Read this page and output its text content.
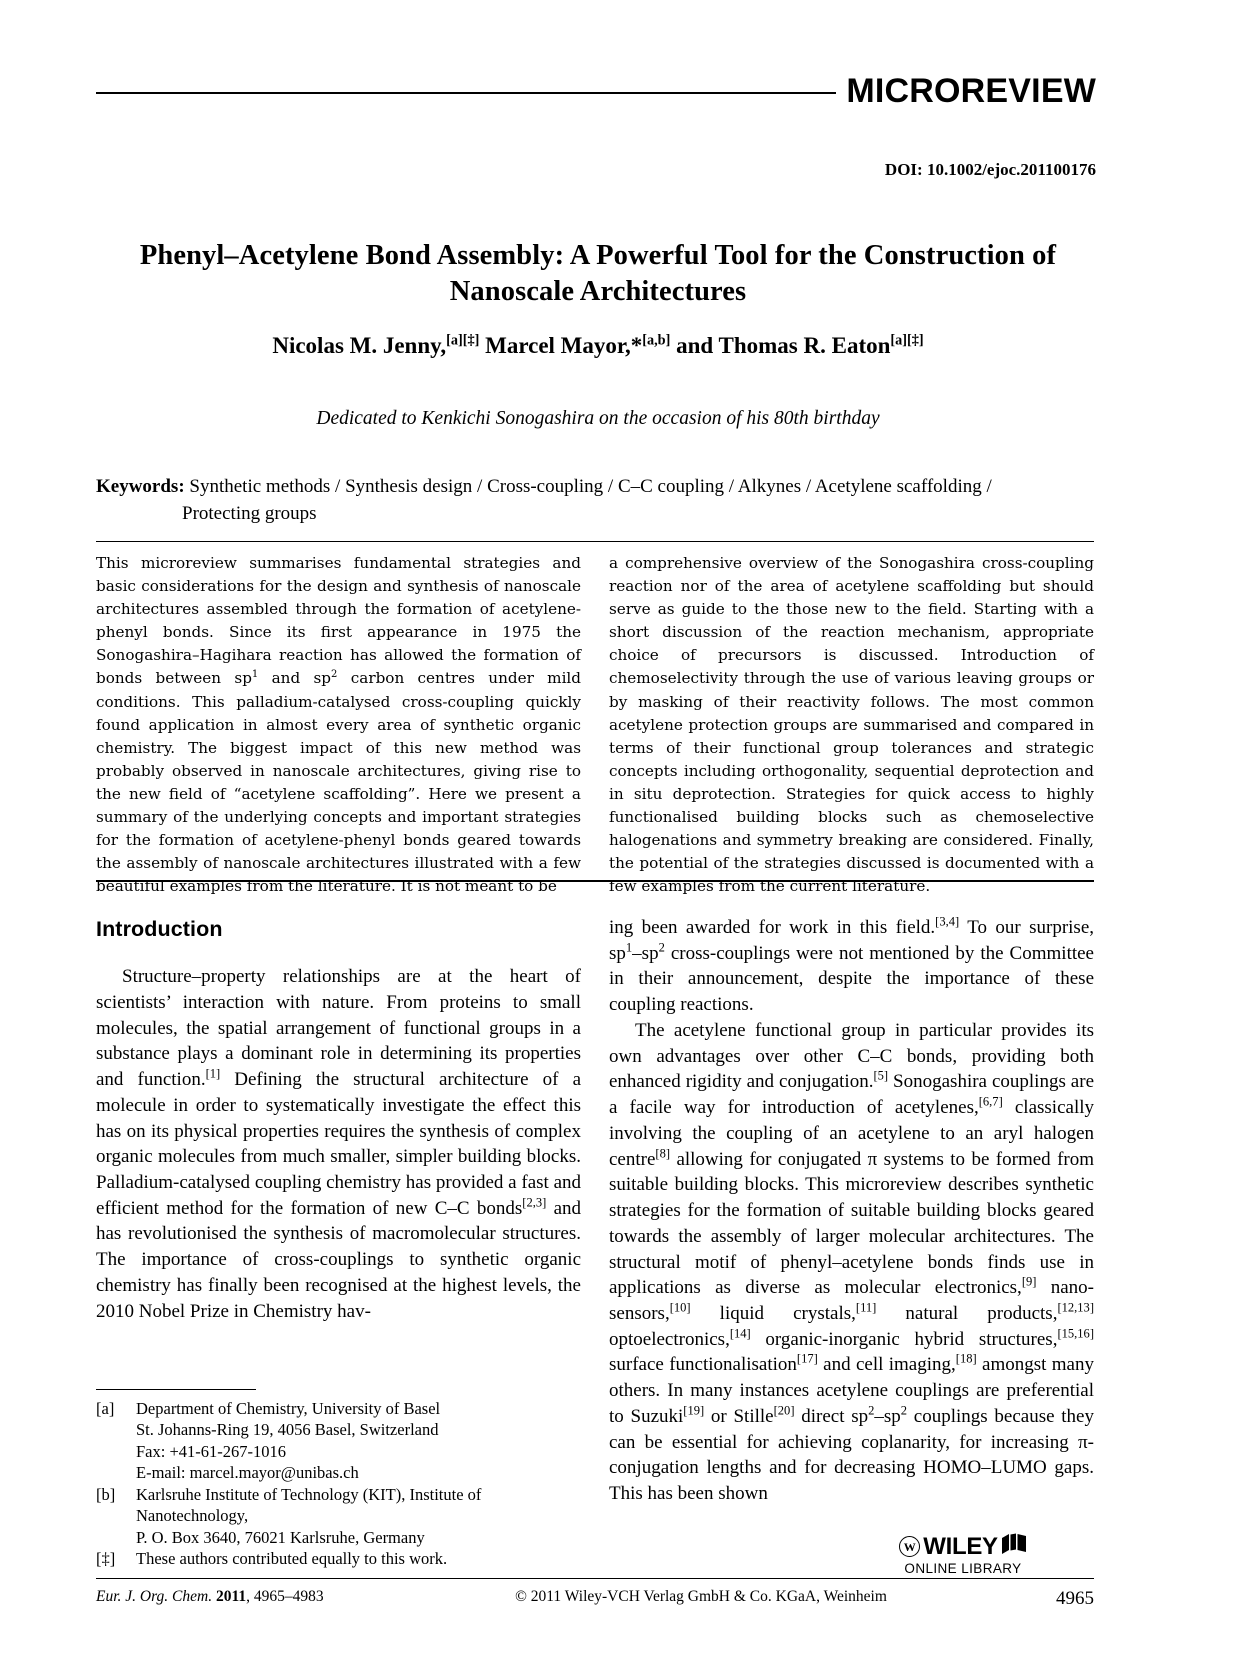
MICROREVIEW
DOI: 10.1002/ejoc.201100176
Phenyl–Acetylene Bond Assembly: A Powerful Tool for the Construction of Nanoscale Architectures
Nicolas M. Jenny,[a][‡] Marcel Mayor,*[a,b] and Thomas R. Eaton[a][‡]
Dedicated to Kenkichi Sonogashira on the occasion of his 80th birthday
Keywords: Synthetic methods / Synthesis design / Cross-coupling / C–C coupling / Alkynes / Acetylene scaffolding /
Protecting groups
This microreview summarises fundamental strategies and basic considerations for the design and synthesis of nanoscale architectures assembled through the formation of acetylene-phenyl bonds. Since its first appearance in 1975 the Sonogashira–Hagihara reaction has allowed the formation of bonds between $sp^1$ and $sp^2$ carbon centres under mild conditions. This palladium-catalysed cross-coupling quickly found application in almost every area of synthetic organic chemistry. The biggest impact of this new method was probably observed in nanoscale architectures, giving rise to the new field of “acetylene scaffolding”. Here we present a summary of the underlying concepts and important strategies for the formation of acetylene-phenyl bonds geared towards the assembly of nanoscale architectures illustrated with a few beautiful examples from the literature. It is not meant to be
a comprehensive overview of the Sonogashira cross-coupling reaction nor of the area of acetylene scaffolding but should serve as guide to the those new to the field. Starting with a short discussion of the reaction mechanism, appropriate choice of precursors is discussed. Introduction of chemoselectivity through the use of various leaving groups or by masking of their reactivity follows. The most common acetylene protection groups are summarised and compared in terms of their functional group tolerances and strategic concepts including orthogonality, sequential deprotection and in situ deprotection. Strategies for quick access to highly functionalised building blocks such as chemoselective halogenations and symmetry breaking are considered. Finally, the potential of the strategies discussed is documented with a few examples from the current literature.
Introduction

Structure–property relationships are at the heart of scientists’ interaction with nature. From proteins to small molecules, the spatial arrangement of functional groups in a substance plays a dominant role in determining its properties and function.[1] Defining the structural architecture of a molecule in order to systematically investigate the effect this has on its physical properties requires the synthesis of complex organic molecules from much smaller, simpler building blocks. Palladium-catalysed coupling chemistry has provided a fast and efficient method for the formation of new C–C bonds[2,3] and has revolutionised the synthesis of macromolecular structures. The importance of cross-couplings to synthetic organic chemistry has finally been recognised at the highest levels, the 2010 Nobel Prize in Chemistry hav-

ing been awarded for work in this field.[3,4] To our surprise, $sp^1-sp^2$ cross-couplings were not mentioned by the Committee in their announcement, despite the importance of these coupling reactions.

The acetylene functional group in particular provides its own advantages over other C–C bonds, providing both enhanced rigidity and conjugation.[5] Sonogashira couplings are a facile way for introduction of acetylenes,[6,7] classically involving the coupling of an acetylene to an aryl halogen centre[8] allowing for conjugated π systems to be formed from suitable building blocks. This microreview describes synthetic strategies for the formation of suitable building blocks geared towards the assembly of larger molecular architectures. The structural motif of phenyl–acetylene bonds finds use in applications as diverse as molecular electronics,[9] nano-sensors,[10] liquid crystals,[11] natural products,[12,13] optoelectronics,[14] organic-inorganic hybrid structures,[15,16] surface functionalisation[17] and cell imaging,[18] amongst many others. In many instances acetylene couplings are preferential to Suzuki[19] or Stille[20] direct $sp^2-sp^2$ couplings because they can be essential for achieving coplanarity, for increasing π-conjugation lengths and for decreasing HOMO–LUMO gaps. This has been shown

[a]	Department of Chemistry, University of Basel
St. Johanns-Ring 19, 4056 Basel, Switzerland
Fax: +41-61-267-1016
E-mail: marcel.mayor@unibas.ch
[b]	Karlsruhe Institute of Technology (KIT), Institute of
Nanotechnology,
P. O. Box 3640, 76021 Karlsruhe, Germany
[‡]	These authors contributed equally to this work. W	WILEY
ONLINE LIBRARY
Eur. J. Org. Chem. 2011, 4965–4983	© 2011 Wiley-VCH Verlag GmbH & Co. KGaA, Weinheim	4965
